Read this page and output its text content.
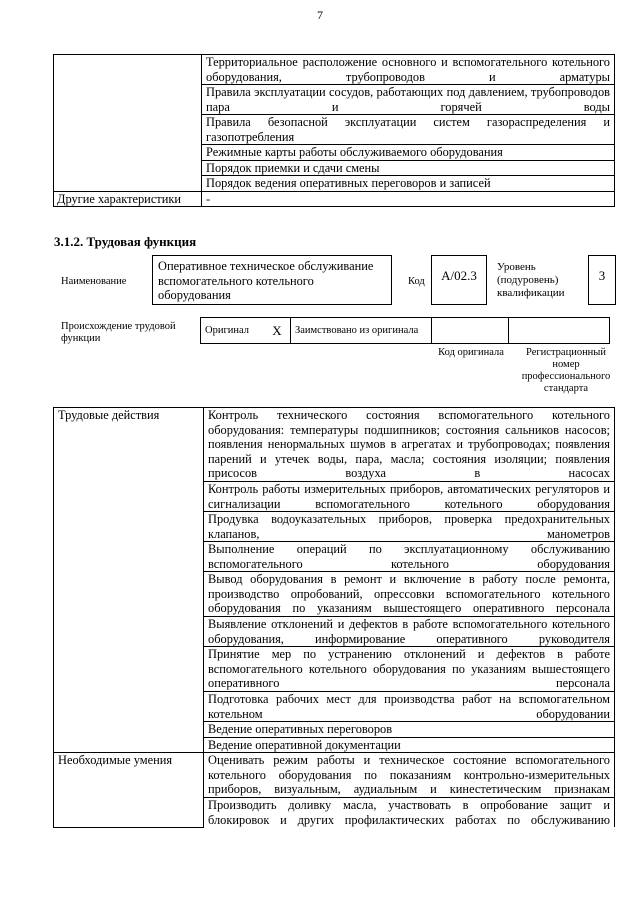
7
	Территориальное расположение основного и вспомогательного котельного оборудования, трубопроводов и арматуры
	Правила эксплуатации сосудов, работающих под давлением, трубопроводов пара и горячей воды
	Правила безопасной эксплуатации систем газораспределения и газопотребления
	Режимные карты работы обслуживаемого оборудования
	Порядок приемки и сдачи смены
	Порядок ведения оперативных переговоров и записей
Другие характеристики	-
3.1.2. Трудовая функция
Наименование
Оперативное техническое обслуживание вспомогательного котельного оборудования
Код	А/02.3
Уровень (подуровень) квалификации
3
Происхождение трудовой функции
Оригинал	X	Заимствовано из оригинала		
Код оригинала	Регистрационный номер профессионального стандарта
Трудовые действия	Контроль технического состояния вспомогательного котельного оборудования: температуры подшипников; состояния сальников насосов; появления ненормальных шумов в агрегатах и трубопроводах; появления парений и утечек воды, пара, масла; состояния изоляции; появления присосов воздуха в насосах
	Контроль работы измерительных приборов, автоматических регуляторов и сигнализации вспомогательного котельного оборудования
	Продувка водоуказательных приборов, проверка предохранительных клапанов, манометров
	Выполнение операций по эксплуатационному обслуживанию вспомогательного котельного оборудования
	Вывод оборудования в ремонт и включение в работу после ремонта, производство опробований, опрессовки вспомогательного котельного оборудования по указаниям вышестоящего оперативного персонала
	Выявление отклонений и дефектов в работе вспомогательного котельного оборудования, информирование оперативного руководителя
	Принятие мер по устранению отклонений и дефектов в работе вспомогательного котельного оборудования по указаниям вышестоящего оперативного персонала
	Подготовка рабочих мест для производства работ на вспомогательном котельном оборудовании
	Ведение оперативных переговоров
	Ведение оперативной документации
Необходимые умения	Оценивать режим работы и техническое состояние вспомогательного котельного оборудования по показаниям контрольно-измерительных приборов, визуальным, аудиальным и кинестетическим признакам
	Производить доливку масла, участвовать в опробование защит и блокировок и других профилактических работах по обслуживанию
